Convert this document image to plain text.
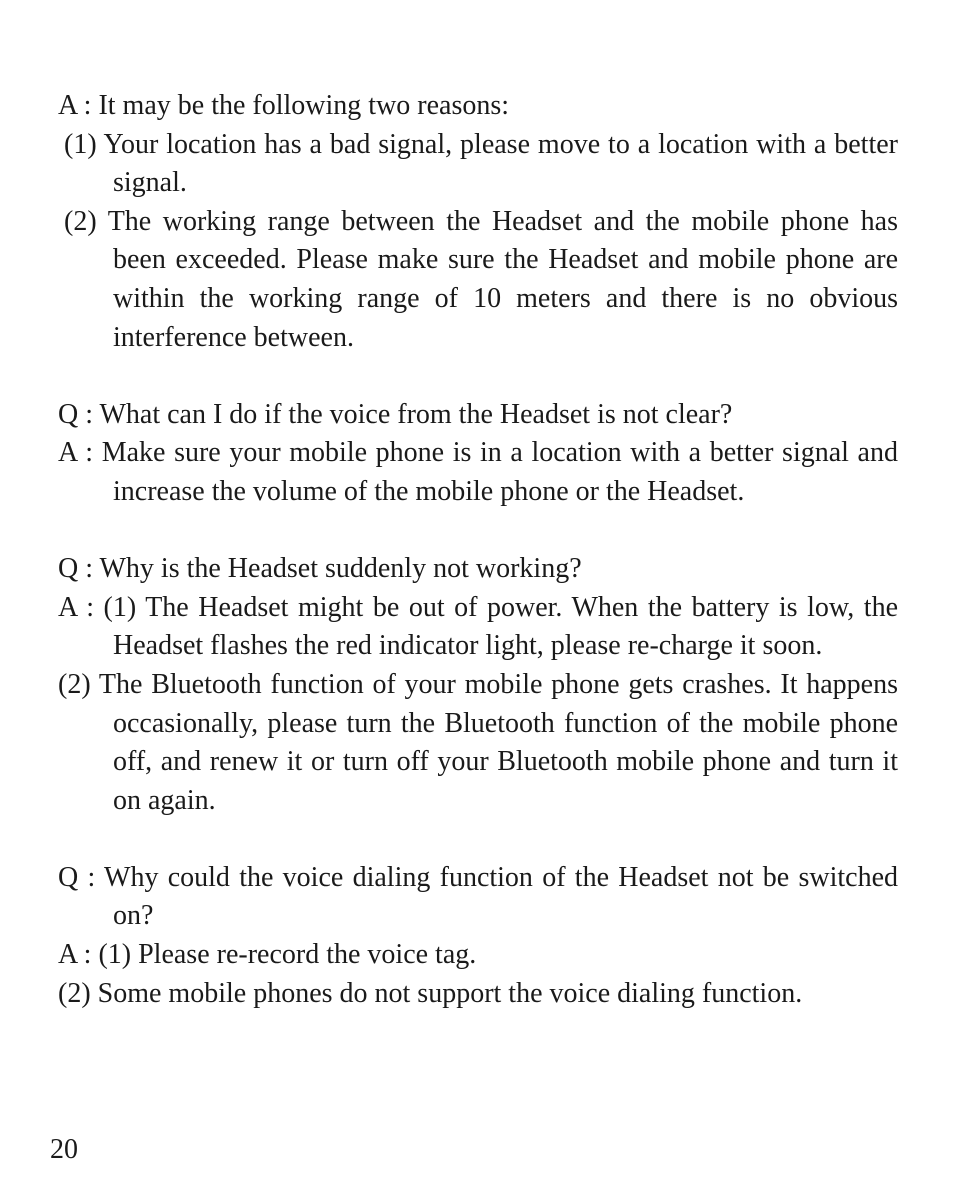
A : It may be the following two reasons:
(1) Your location has a bad signal, please move to a location with a better signal.
(2) The working range between the Headset and the mobile phone has been exceeded. Please make sure the Headset and mobile phone are within the working range of 10 meters and there is no obvious interference between.
Q : What can I do if the voice from the Headset is not clear?
A : Make sure your mobile phone is in a location with a better signal and increase the volume of the mobile phone or the Headset.
Q : Why is the Headset suddenly not working?
A : (1) The Headset might be out of power. When the battery is low, the Headset flashes the red indicator light, please re-charge it soon.
(2) The Bluetooth function of your mobile phone gets crashes. It happens occasionally, please turn the Bluetooth function of the mobile phone off, and renew it or turn off your Bluetooth mobile phone and turn it on again.
Q : Why could the voice dialing function of the Headset not be switched on?
A : (1) Please re-record the voice tag.
(2) Some mobile phones do not support the voice dialing function.
20
